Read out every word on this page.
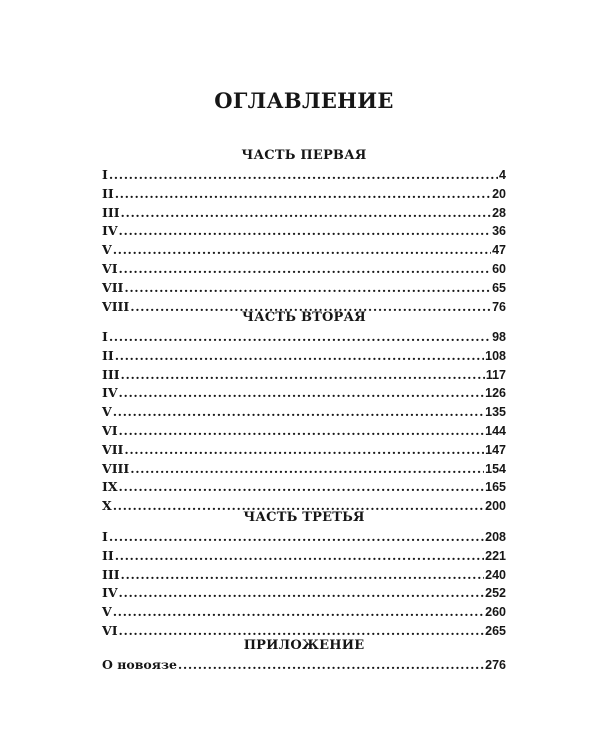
ОГЛАВЛЕНИЕ
ЧАСТЬ ПЕРВАЯ
I .....	4
II .....	20
III .....	28
IV .....	36
V .....	47
VI .....	60
VII .....	65
VIII .....	76
ЧАСТЬ ВТОРАЯ
I .....	98
II .....	108
III .....	117
IV .....	126
V .....	135
VI .....	144
VII .....	147
VIII .....	154
IX .....	165
X .....	200
ЧАСТЬ ТРЕТЬЯ
I .....	208
II .....	221
III .....	240
IV .....	252
V .....	260
VI .....	265
ПРИЛОЖЕНИЕ
О новоязе .....	276
